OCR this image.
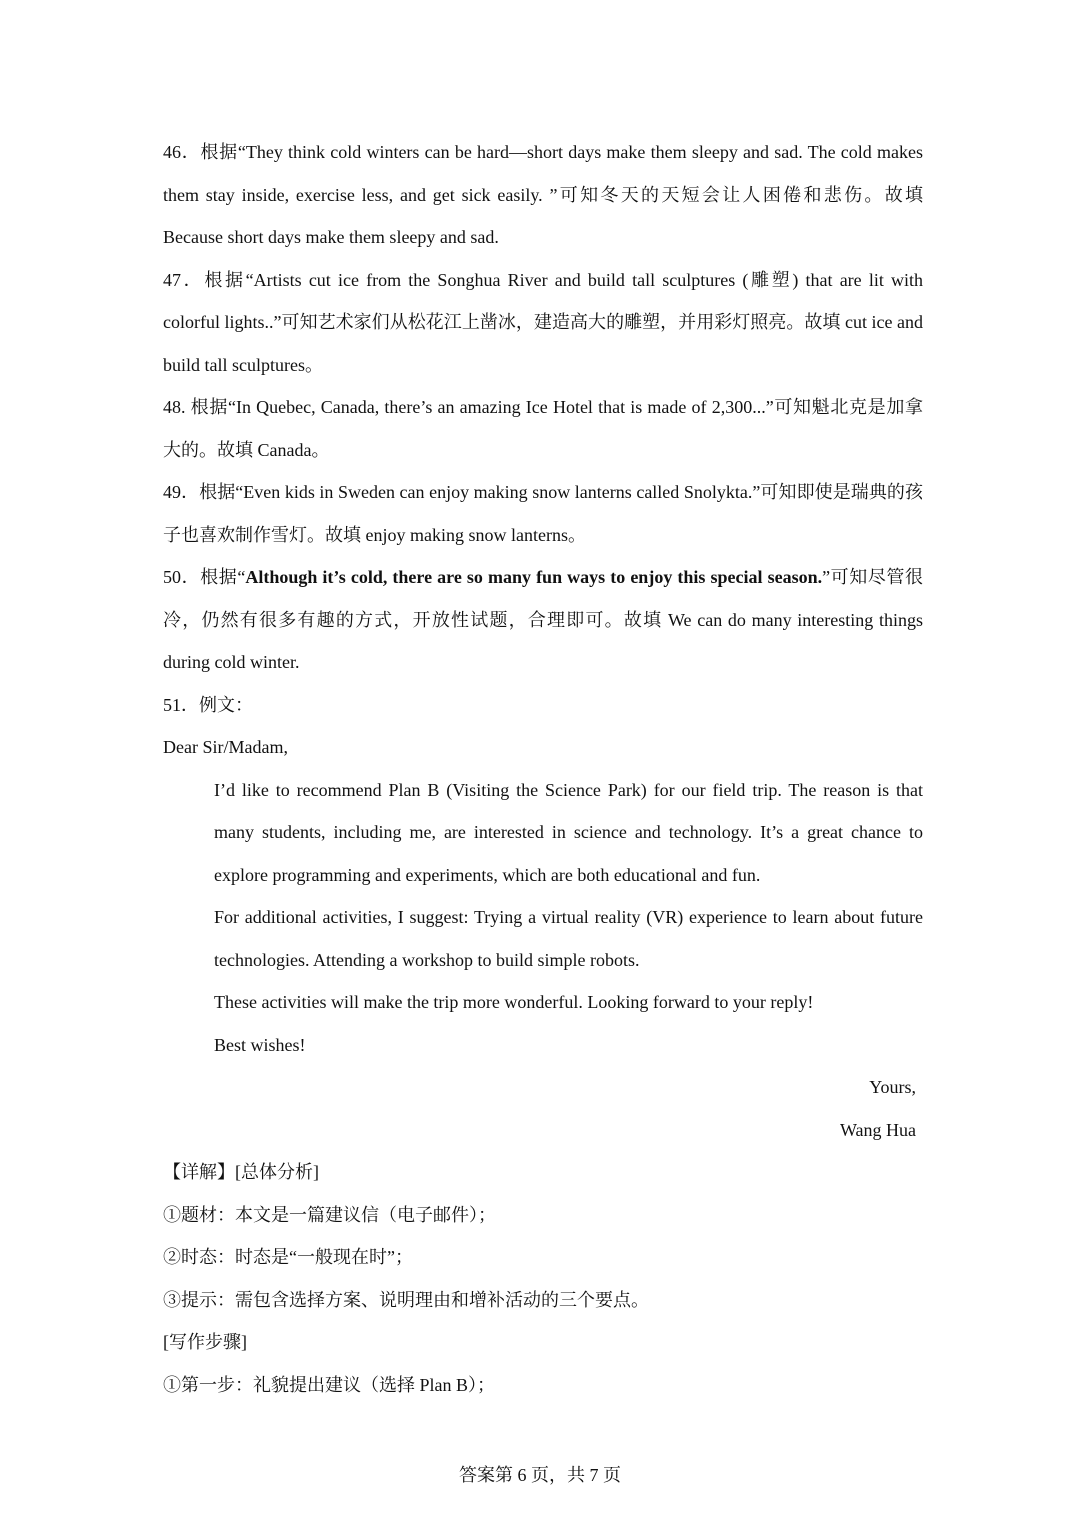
46．根据“They think cold winters can be hard—short days make them sleepy and sad. The cold makes them stay inside, exercise less, and get sick easily. ”可知冬天的天短会让人困倦和悲伤。故填 Because short days make them sleepy and sad.

47．根据“Artists cut ice from the Songhua River and build tall sculptures (雕塑) that are lit with colorful lights..”可知艺术家们从松花江上凿冰，建造高大的雕塑，并用彩灯照亮。故填 cut ice and build tall sculptures。

48. 根据“In Quebec, Canada, there’s an amazing Ice Hotel that is made of 2,300...”可知魁北克是加拿大的。故填 Canada。

49．根据“Even kids in Sweden can enjoy making snow lanterns called Snolykta.”可知即使是瑞典的孩子也喜欢制作雪灯。故填 enjoy making snow lanterns。

50．根据“Although it’s cold, there are so many fun ways to enjoy this special season.”可知尽管很冷，仍然有很多有趣的方式，开放性试题，合理即可。故填 We can do many interesting things during cold winter.

51．例文：

Dear Sir/Madam,

I’d like to recommend Plan B (Visiting the Science Park) for our field trip. The reason is that many students, including me, are interested in science and technology. It’s a great chance to explore programming and experiments, which are both educational and fun.

For additional activities, I suggest: Trying a virtual reality (VR) experience to learn about future technologies. Attending a workshop to build simple robots.

These activities will make the trip more wonderful. Looking forward to your reply!

Best wishes!

Yours,

Wang Hua

【详解】[总体分析]

①题材：本文是一篇建议信（电子邮件）；

②时态：时态是“一般现在时”；

③提示：需包含选择方案、说明理由和增补活动的三个要点。

[写作步骤]

①第一步：礼貌提出建议（选择 Plan B）；

答案第 6 页，共 7 页
